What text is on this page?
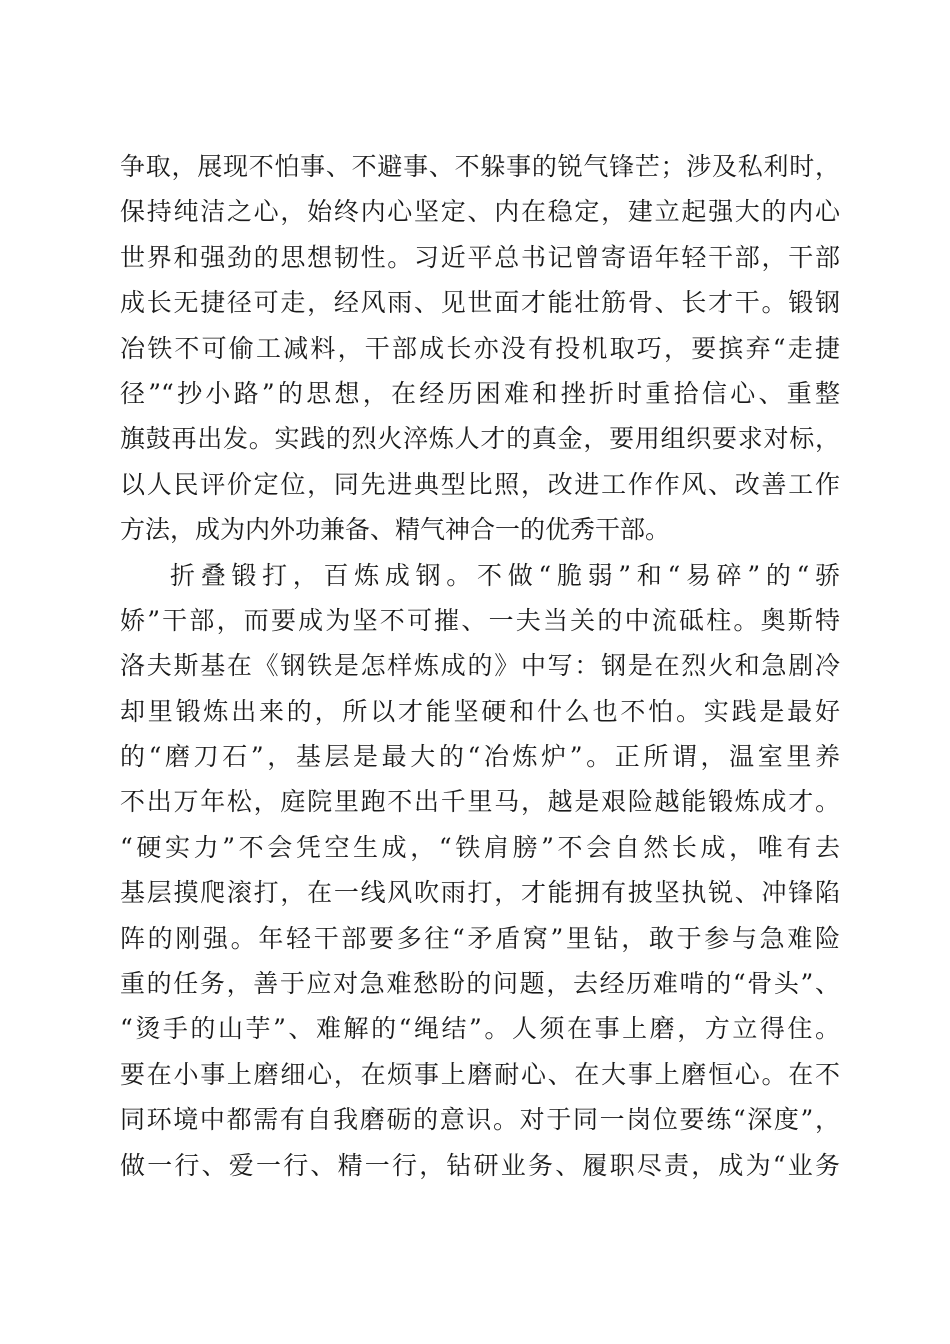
争取，展现不怕事、不避事、不躲事的锐气锋芒；涉及私利时，
保持纯洁之心，始终内心坚定、内在稳定，建立起强大的内心
世界和强劲的思想韧性。习近平总书记曾寄语年轻干部，干部
成长无捷径可走，经风雨、见世面才能壮筋骨、长才干。锻钢
冶铁不可偷工减料，干部成长亦没有投机取巧，要摈弃“走捷
径”“抄小路”的思想，在经历困难和挫折时重拾信心、重整
旗鼓再出发。实践的烈火淬炼人才的真金，要用组织要求对标，
以人民评价定位，同先进典型比照，改进工作作风、改善工作
方法，成为内外功兼备、精气神合一的优秀干部。
折叠锻打，百炼成钢。不做“脆弱”和“易碎”的“骄
娇”干部，而要成为坚不可摧、一夫当关的中流砥柱。奥斯特
洛夫斯基在《钢铁是怎样炼成的》中写：钢是在烈火和急剧冷
却里锻炼出来的，所以才能坚硬和什么也不怕。实践是最好
的“磨刀石”，基层是最大的“冶炼炉”。正所谓，温室里养
不出万年松，庭院里跑不出千里马，越是艰险越能锻炼成才。
“硬实力”不会凭空生成，“铁肩膀”不会自然长成，唯有去
基层摸爬滚打，在一线风吹雨打，才能拥有披坚执锐、冲锋陷
阵的刚强。年轻干部要多往“矛盾窝”里钻，敢于参与急难险
重的任务，善于应对急难愁盼的问题，去经历难啃的“骨头”、
“烫手的山芋”、难解的“绳结”。人须在事上磨，方立得住。
要在小事上磨细心，在烦事上磨耐心、在大事上磨恒心。在不
同环境中都需有自我磨砺的意识。对于同一岗位要练“深度”，
做一行、爱一行、精一行，钻研业务、履职尽责，成为“业务
